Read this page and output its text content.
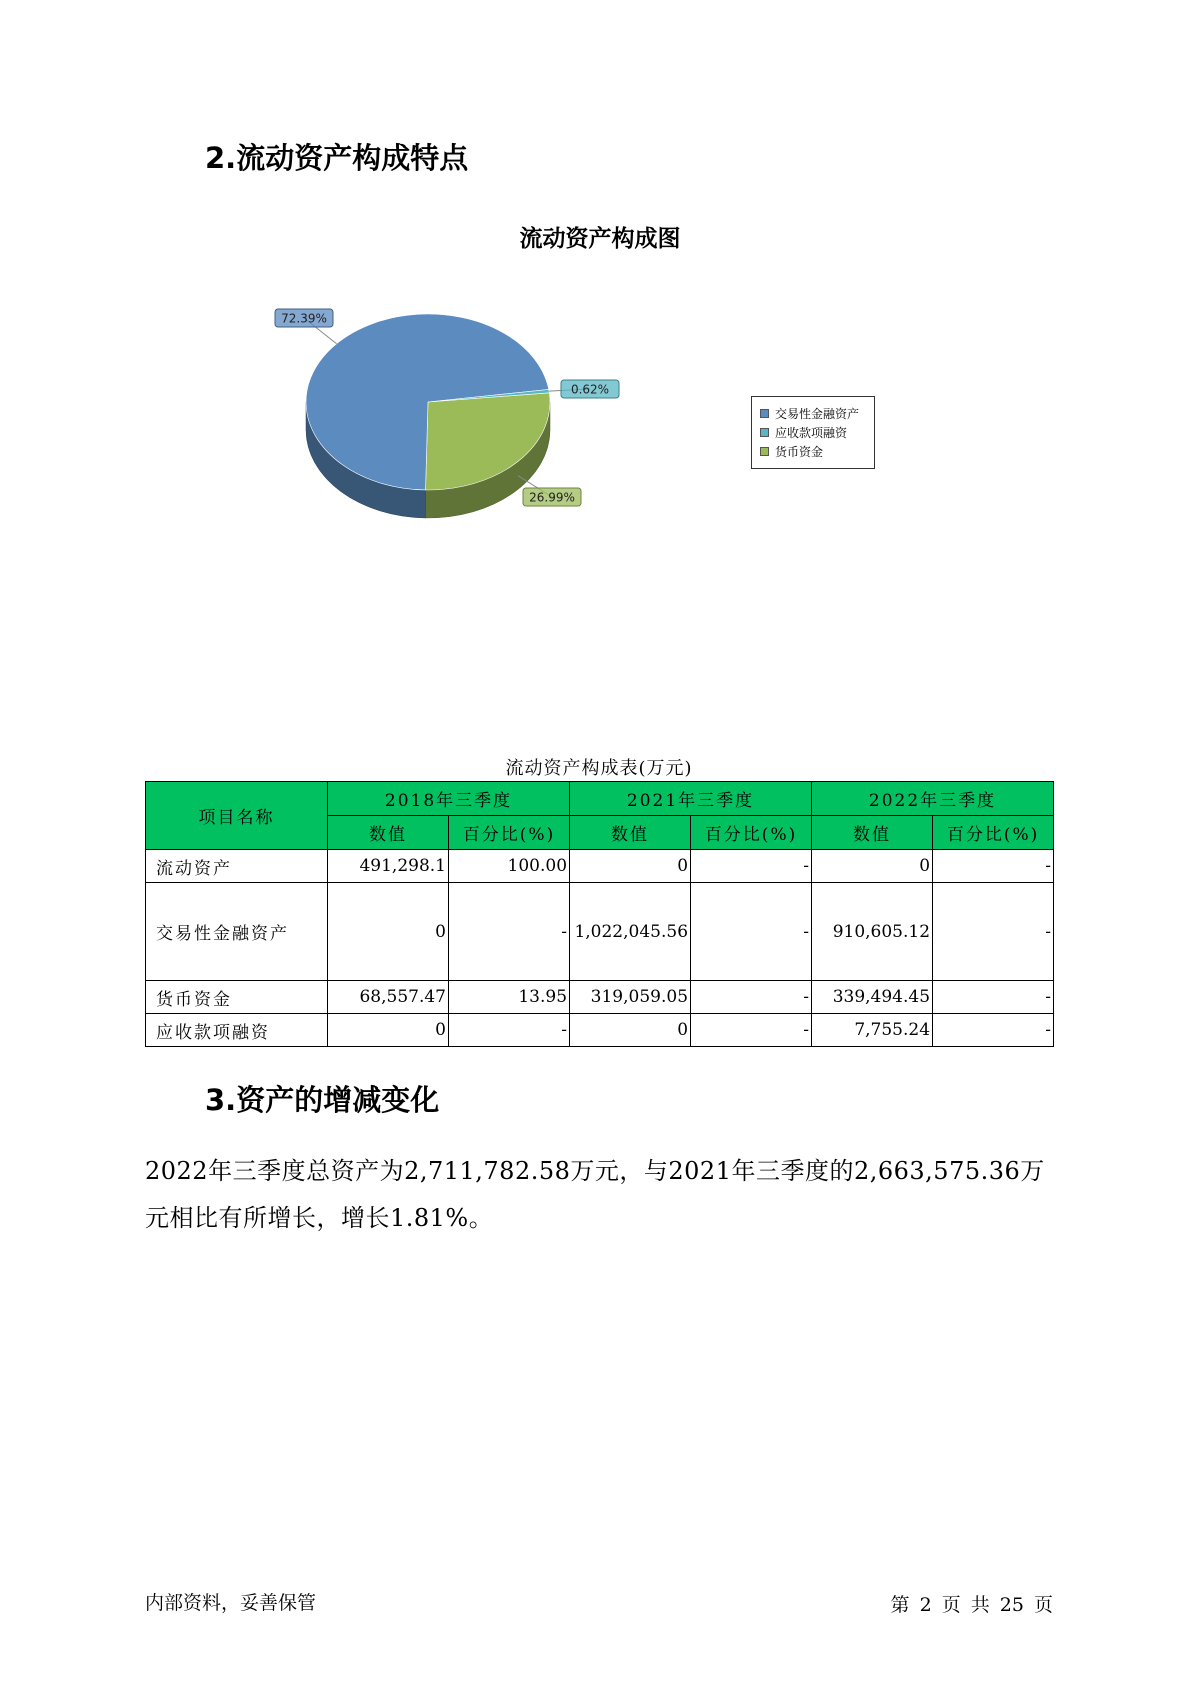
2.流动资产构成特点
流动资产构成图
26.99%
72.39%
0.62%
交易性金融资产
应收款项融资
货币资金
流动资产构成表(万元)
项目名称	2018年三季度		2021年三季度		2022年三季度	
	数值	百分比(%)	数值	百分比(%)	数值	百分比(%)
流动资产	491,298.1	100.00	0	-	0	-
交易性金融资产	0	-	1,022,045.56	-	910,605.12	-
货币资金	68,557.47	13.95	319,059.05	-	339,494.45	-
应收款项融资	0	-	0	-	7,755.24	-
3.资产的增减变化
2022年三季度总资产为2,711,782.58万元，与2021年三季度的2,663,575.36万元相比有所增长，增长1.81%。
内部资料，妥善保管	第 2 页 共 25 页
